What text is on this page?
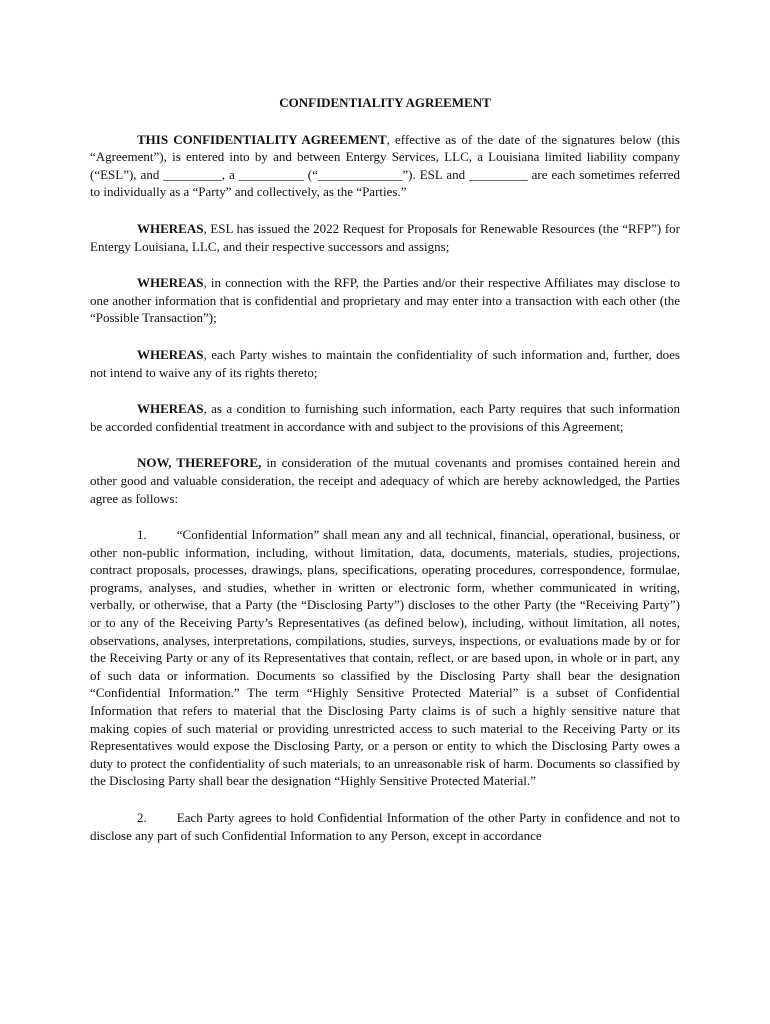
CONFIDENTIALITY AGREEMENT
THIS CONFIDENTIALITY AGREEMENT, effective as of the date of the signatures below (this “Agreement”), is entered into by and between Entergy Services, LLC, a Louisiana limited liability company (“ESL”), and _________, a __________ (“_____________”). ESL and _________ are each sometimes referred to individually as a “Party” and collectively, as the “Parties.”
WHEREAS, ESL has issued the 2022 Request for Proposals for Renewable Resources (the “RFP”) for Entergy Louisiana, LLC, and their respective successors and assigns;
WHEREAS, in connection with the RFP, the Parties and/or their respective Affiliates may disclose to one another information that is confidential and proprietary and may enter into a transaction with each other (the “Possible Transaction”);
WHEREAS, each Party wishes to maintain the confidentiality of such information and, further, does not intend to waive any of its rights thereto;
WHEREAS, as a condition to furnishing such information, each Party requires that such information be accorded confidential treatment in accordance with and subject to the provisions of this Agreement;
NOW, THEREFORE, in consideration of the mutual covenants and promises contained herein and other good and valuable consideration, the receipt and adequacy of which are hereby acknowledged, the Parties agree as follows:
1. “Confidential Information” shall mean any and all technical, financial, operational, business, or other non-public information, including, without limitation, data, documents, materials, studies, projections, contract proposals, processes, drawings, plans, specifications, operating procedures, correspondence, formulae, programs, analyses, and studies, whether in written or electronic form, whether communicated in writing, verbally, or otherwise, that a Party (the “Disclosing Party”) discloses to the other Party (the “Receiving Party”) or to any of the Receiving Party’s Representatives (as defined below), including, without limitation, all notes, observations, analyses, interpretations, compilations, studies, surveys, inspections, or evaluations made by or for the Receiving Party or any of its Representatives that contain, reflect, or are based upon, in whole or in part, any of such data or information. Documents so classified by the Disclosing Party shall bear the designation “Confidential Information.” The term “Highly Sensitive Protected Material” is a subset of Confidential Information that refers to material that the Disclosing Party claims is of such a highly sensitive nature that making copies of such material or providing unrestricted access to such material to the Receiving Party or its Representatives would expose the Disclosing Party, or a person or entity to which the Disclosing Party owes a duty to protect the confidentiality of such materials, to an unreasonable risk of harm. Documents so classified by the Disclosing Party shall bear the designation “Highly Sensitive Protected Material.”
2. Each Party agrees to hold Confidential Information of the other Party in confidence and not to disclose any part of such Confidential Information to any Person, except in accordance
